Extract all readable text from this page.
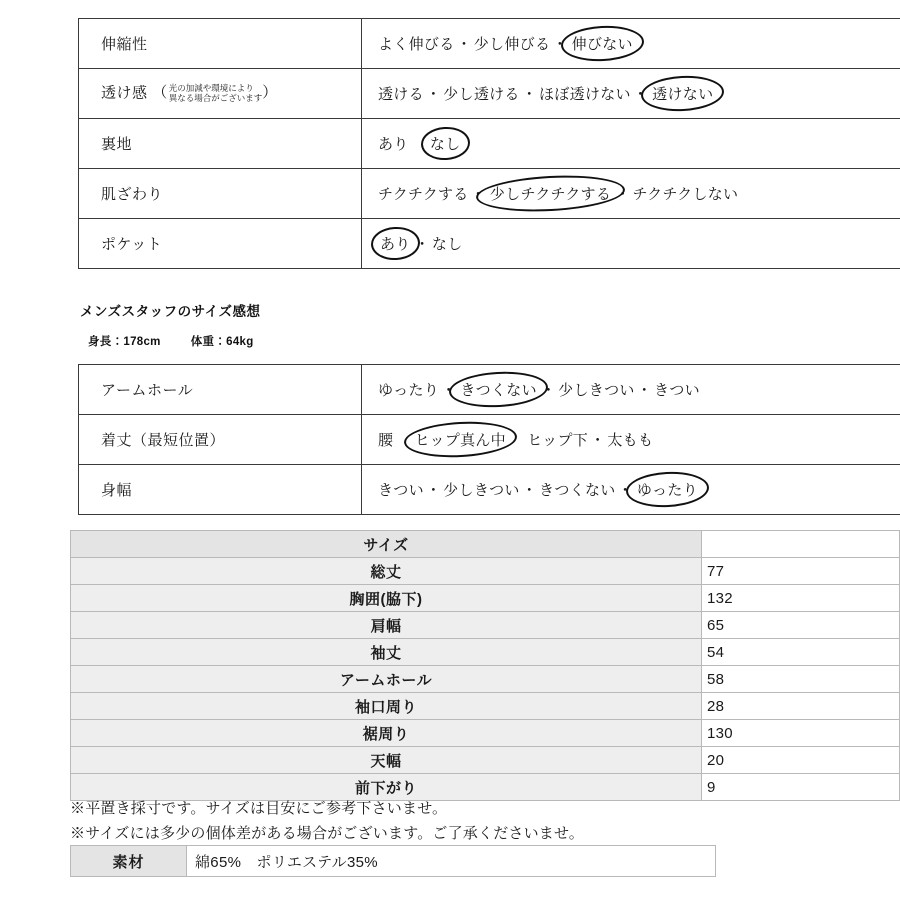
伸縮性	よく伸びる ・ 少し伸びる ・ 伸びない
透け感 （光の加減や環境により
異なる場合がございます）	透ける ・ 少し透ける ・ ほぼ透けない ・ 透けない
裏地	あり　 なし
肌ざわり	チクチクする ・ 少しチクチクする ・ チクチクしない
ポケット	あり ・ なし
メンズスタッフのサイズ感想
身長：178cm	体重：64kg
アームホール	ゆったり ・ きつくない ・ 少しきつい ・ きつい
着丈（最短位置）	腰　 ヒップ真ん中　 ヒップ下 ・ 太もも
身幅	きつい ・ 少しきつい ・ きつくない ・ ゆったり
サイズ	
総丈	77
胸囲(脇下)	132
肩幅	65
袖丈	54
アームホール	58
袖口周り	28
裾周り	130
天幅	20
前下がり	9
※平置き採寸です。サイズは目安にご参考下さいませ。
※サイズには多少の個体差がある場合がございます。ご了承くださいませ。
素材	綿65%　ポリエステル35%
